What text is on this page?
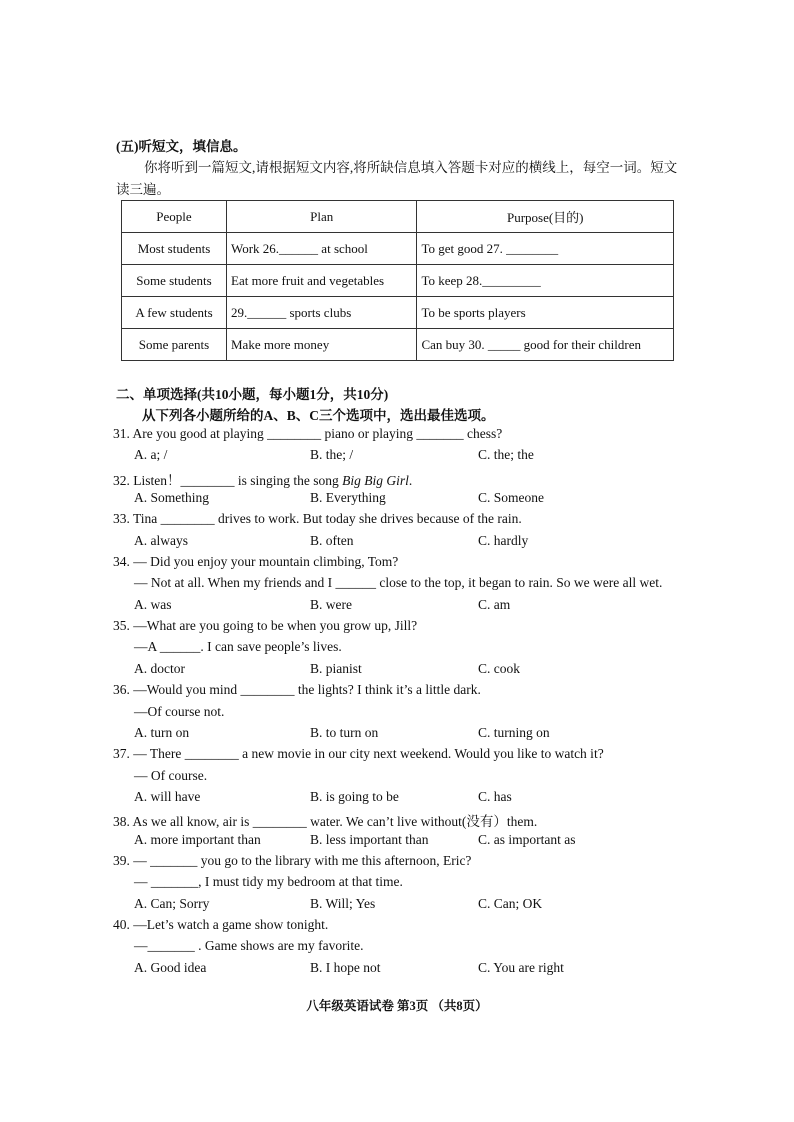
(五)听短文，填信息。
你将听到一篇短文,请根据短文内容,将所缺信息填入答题卡对应的横线上，每空一词。短文读三遍。
People	Plan	Purpose(目的)
Most students	Work 26.______ at school	To get good 27. ________
Some students	Eat more fruit and vegetables	To keep 28._________
A few students	29.______ sports clubs	To be sports players
Some parents	Make more money	Can buy 30. _____ good for their children
二、单项选择(共10小题，每小题1分，共10分)
从下列各小题所给的A、B、C三个选项中，选出最佳选项。
31. Are you good at playing ________ piano or playing _______ chess?
A. a; /	B. the; /	C. the; the
32. Listen！________ is singing the song Big Big Girl.
A. Something	B. Everything	C. Someone
33. Tina ________ drives to work. But today she drives because of the rain.
A. always	B. often	C. hardly
34. — Did you enjoy your mountain climbing, Tom?
— Not at all. When my friends and I ______ close to the top, it began to rain. So we were all wet.
A. was	B. were	C. am
35. —What are you going to be when you grow up, Jill?
—A ______. I can save people’s lives.
A. doctor	B. pianist	C. cook
36. —Would you mind ________ the lights? I think it’s a little dark.
—Of course not.
A. turn on	B. to turn on	C. turning on
37. — There ________ a new movie in our city next weekend. Would you like to watch it?
— Of course.
A. will have	B. is going to be	C. has
38. As we all know, air is ________ water. We can’t live without(没有）them.
A. more important than	B. less important than	C. as important as
39. — _______ you go to the library with me this afternoon, Eric?
— _______, I must tidy my bedroom at that time.
A. Can; Sorry	B. Will; Yes	C. Can; OK
40. —Let’s watch a game show tonight.
—_______ . Game shows are my favorite.
A. Good idea	B. I hope not	C. You are right
八年级英语试卷 第3页 （共8页）
